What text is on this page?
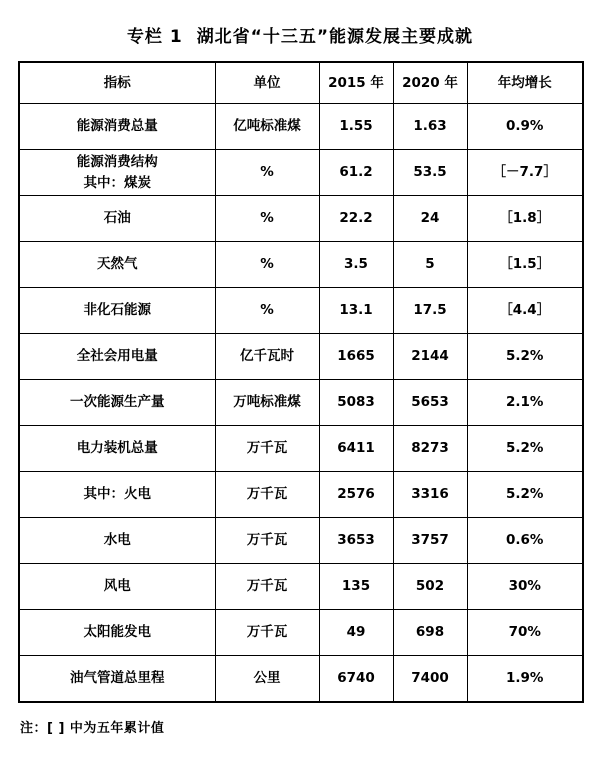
专栏 1 湖北省“十三五”能源发展主要成就
指标	单位	2015 年	2020 年	年均增长
能源消费总量	亿吨标准煤	1.55	1.63	0.9%
能源消费结构
其中：煤炭	%	61.2	53.5	［－7.7］
石油	%	22.2	24	［1.8］
天然气	%	3.5	5	［1.5］
非化石能源	%	13.1	17.5	［4.4］
全社会用电量	亿千瓦时	1665	2144	5.2%
一次能源生产量	万吨标准煤	5083	5653	2.1%
电力装机总量	万千瓦	6411	8273	5.2%
其中：火电	万千瓦	2576	3316	5.2%
水电	万千瓦	3653	3757	0.6%
风电	万千瓦	135	502	30%
太阳能发电	万千瓦	49	698	70%
油气管道总里程	公里	6740	7400	1.9%
注：[ ] 中为五年累计值
